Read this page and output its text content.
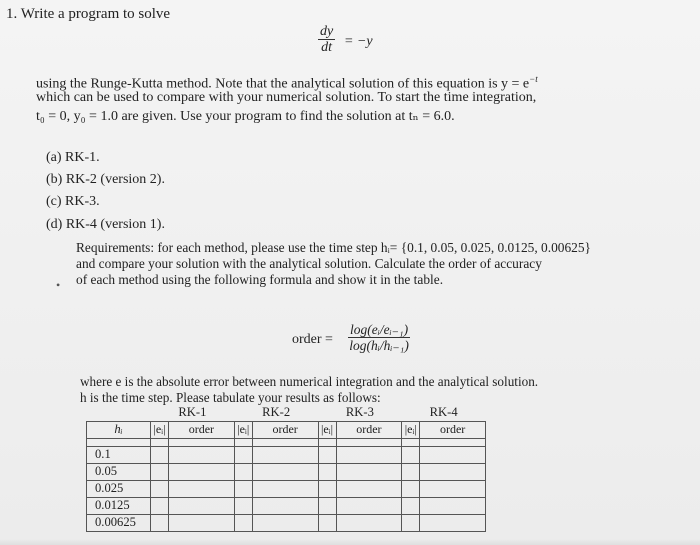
1. Write a program to solve
$\frac{dy}{dt} = -y$
using the Runge-Kutta method. Note that the analytical solution of this equation is $y = e^{-t}$
which can be used to compare with your numerical solution. To start the time integration,
t₀ = 0, y₀ = 1.0 are given. Use your program to find the solution at tₙ = 6.0.
(a) RK-1.
(b) RK-2 (version 2).
(c) RK-3.
(d) RK-4 (version 1).
Requirements: for each method, please use the time step hᵢ= {0.1, 0.05, 0.025, 0.0125, 0.00625}
and compare your solution with the analytical solution. Calculate the order of accuracy
of each method using the following formula and show it in the table.
•
order = $\frac{\text{log(eᵢ/eᵢ₋₁)}}{\text{log(hᵢ/hᵢ₋₁)}}$
where e is the absolute error between numerical integration and the analytical solution.
h is the time step. Please tabulate your results as follows:
	RK-1		RK-2		RK-3		RK-4	
hᵢ	|eᵢ|	order	|eᵢ|	order	|eᵢ|	order	|eᵢ|	order

0.1								
0.05								
0.025								
0.0125								
0.00625								
